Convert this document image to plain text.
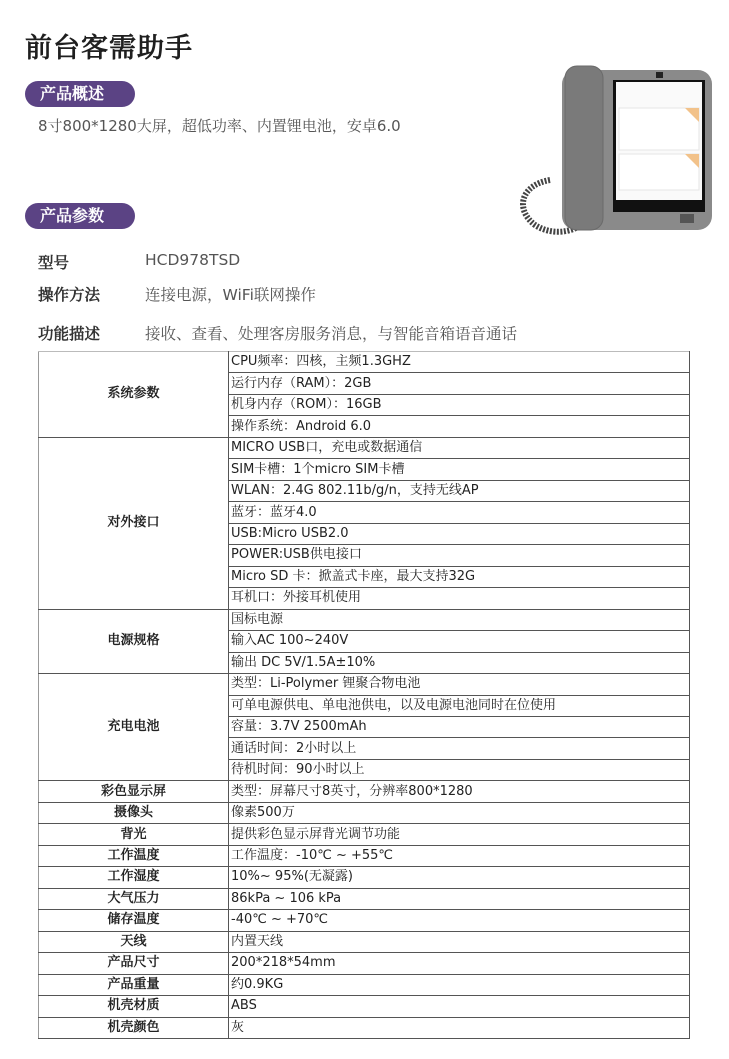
前台客需助手
产品概述
8寸800*1280大屏，超低功率、内置锂电池，安卓6.0
产品参数
型号	HCD978TSD
操作方法	连接电源，WiFi联网操作
功能描述	接收、查看、处理客房服务消息，与智能音箱语音通话
系统参数	CPU频率：四核，主频1.3GHZ
	运行内存（RAM）：2GB
	机身内存（ROM）：16GB
	操作系统：Android 6.0
对外接口	MICRO USB口，充电或数据通信
	SIM卡槽：1个micro SIM卡槽
	WLAN：2.4G 802.11b/g/n，支持无线AP
	蓝牙：蓝牙4.0
	USB:Micro USB2.0
	POWER:USB供电接口
	Micro SD 卡：掀盖式卡座，最大支持32G
	耳机口：外接耳机使用
电源规格	国标电源
	输入AC 100~240V
	输出 DC 5V/1.5A±10%
充电电池	类型：Li-Polymer 锂聚合物电池
	可单电源供电、单电池供电，以及电源电池同时在位使用
	容量：3.7V 2500mAh
	通话时间：2小时以上
	待机时间：90小时以上
彩色显示屏	类型：屏幕尺寸8英寸，分辨率800*1280
摄像头	像素500万
背光	提供彩色显示屏背光调节功能
工作温度	工作温度：-10℃ ~ +55℃
工作湿度	10%~ 95%(无凝露)
大气压力	86kPa ~ 106 kPa
储存温度	-40℃ ~ +70℃
天线	内置天线
产品尺寸	200*218*54mm
产品重量	约0.9KG
机壳材质	ABS
机壳颜色	灰
